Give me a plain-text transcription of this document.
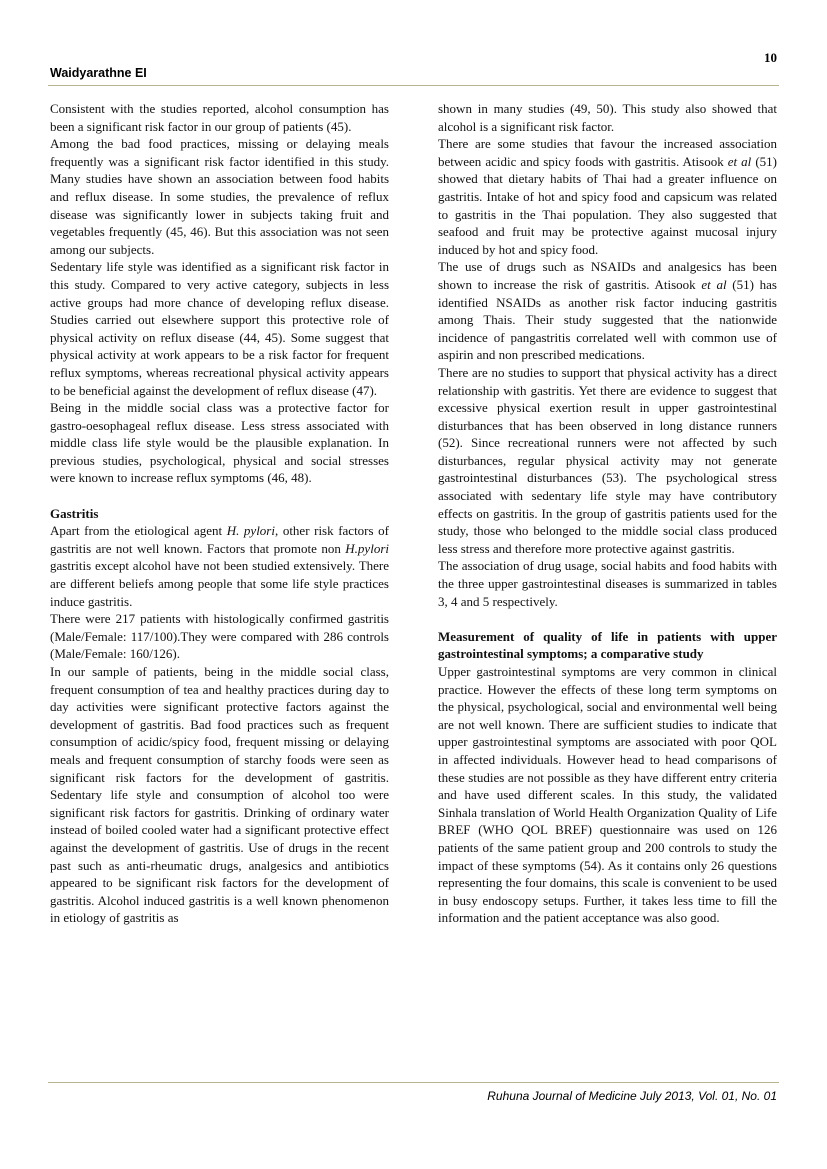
10
Waidyarathne EI

Consistent with the studies reported, alcohol consumption has been a significant risk factor in our group of patients (45).

Among the bad food practices, missing or delaying meals frequently was a significant risk factor identified in this study. Many studies have shown an association between food habits and reflux disease. In some studies, the prevalence of reflux disease was significantly lower in subjects taking fruit and vegetables frequently (45, 46). But this association was not seen among our subjects.

Sedentary life style was identified as a significant risk factor in this study. Compared to very active category, subjects in less active groups had more chance of developing reflux disease. Studies carried out elsewhere support this protective role of physical activity on reflux disease (44, 45). Some suggest that physical activity at work appears to be a risk factor for frequent reflux symptoms, whereas recreational physical activity appears to be beneficial against the development of reflux disease (47).

Being in the middle social class was a protective factor for gastro-oesophageal reflux disease. Less stress associated with middle class life style would be the plausible explanation. In previous studies, psychological, physical and social stresses were known to increase reflux symptoms (46, 48).

Gastritis

Apart from the etiological agent H. pylori, other risk factors of gastritis are not well known. Factors that promote non H.pylori gastritis except alcohol have not been studied extensively. There are different beliefs among people that some life style practices induce gastritis.

There were 217 patients with histologically confirmed gastritis (Male/Female: 117/100).They were compared with 286 controls (Male/Female: 160/126).

In our sample of patients, being in the middle social class, frequent consumption of tea and healthy practices during day to day activities were significant protective factors against the development of gastritis. Bad food practices such as frequent consumption of acidic/spicy food, frequent missing or delaying meals and frequent consumption of starchy foods were seen as significant risk factors for the development of gastritis. Sedentary life style and consumption of alcohol too were significant risk factors for gastritis. Drinking of ordinary water instead of boiled cooled water had a significant protective effect against the development of gastritis. Use of drugs in the recent past such as anti-rheumatic drugs, analgesics and antibiotics appeared to be significant risk factors for the development of gastritis. Alcohol induced gastritis is a well known phenomenon in etiology of gastritis as

shown in many studies (49, 50). This study also showed that alcohol is a significant risk factor.

There are some studies that favour the increased association between acidic and spicy foods with gastritis. Atisook et al (51) showed that dietary habits of Thai had a greater influence on gastritis. Intake of hot and spicy food and capsicum was related to gastritis in the Thai population. They also suggested that seafood and fruit may be protective against mucosal injury induced by hot and spicy food.

The use of drugs such as NSAIDs and analgesics has been shown to increase the risk of gastritis. Atisook et al (51) has identified NSAIDs as another risk factor inducing gastritis among Thais. Their study suggested that the nationwide incidence of pangastritis correlated well with common use of aspirin and non prescribed medications.

There are no studies to support that physical activity has a direct relationship with gastritis. Yet there are evidence to suggest that excessive physical exertion result in upper gastrointestinal disturbances that has been observed in long distance runners (52). Since recreational runners were not affected by such disturbances, regular physical activity may not generate gastrointestinal disturbances (53). The psychological stress associated with sedentary life style may have contributory effects on gastritis. In the group of gastritis patients used for the study, those who belonged to the middle social class produced less stress and therefore more protective against gastritis.

The association of drug usage, social habits and food habits with the three upper gastrointestinal diseases is summarized in tables 3, 4 and 5 respectively.

Measurement of quality of life in patients with upper gastrointestinal symptoms; a comparative study

Upper gastrointestinal symptoms are very common in clinical practice. However the effects of these long term symptoms on the physical, psychological, social and environmental well being are not well known. There are sufficient studies to indicate that upper gastrointestinal symptoms are associated with poor QOL in affected individuals. However head to head comparisons of these studies are not possible as they have different entry criteria and have used different scales. In this study, the validated Sinhala translation of World Health Organization Quality of Life BREF (WHO QOL BREF) questionnaire was used on 126 patients of the same patient group and 200 controls to study the impact of these symptoms (54). As it contains only 26 questions representing the four domains, this scale is convenient to be used in busy endoscopy setups. Further, it takes less time to fill the information and the patient acceptance was also good.

Ruhuna Journal of Medicine July 2013, Vol. 01, No. 01
